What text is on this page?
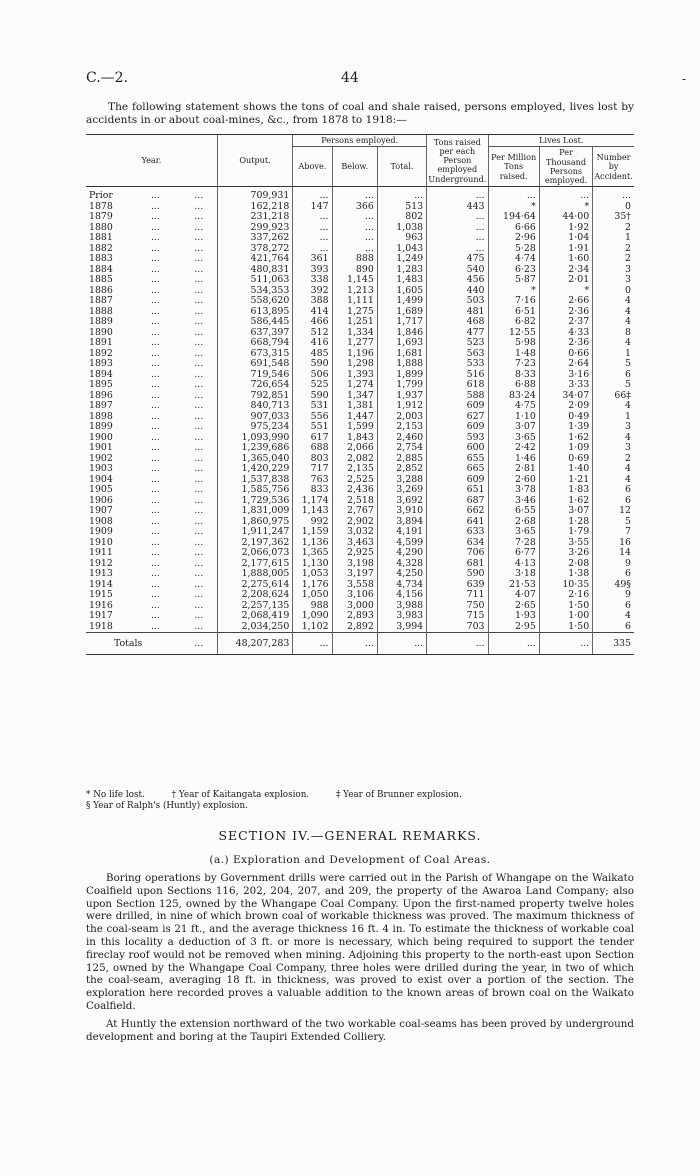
C.—2.	44	-
The following statement shows the tons of coal and shale raised, persons employed, lives lost by accidents in or about coal-mines, &c., from 1878 to 1918:—
Year.			Output.	Persons employed.			Tons raised per each Person employed Underground.	Lives Lost.		
				Above.	Below.	Total.		Per Million Tons raised.	Per Thousand Persons employed.	Number by Accident.
Prior	...	...	709,931	...	...	...	...	...	...	...
1878	...	...	162,218	147	366	513	443	*	*	0
1879	...	...	231,218	...	...	802	...	194·64	44·00	35†
1880	...	...	299,923	...	...	1,038	...	6·66	1·92	2
1881	...	...	337,262	...	...	963	...	2·96	1·04	1
1882	...	...	378,272	...	...	1,043	...	5·28	1·91	2
1883	...	...	421,764	361	888	1,249	475	4·74	1·60	2
1884	...	...	480,831	393	890	1,283	540	6·23	2·34	3
1885	...	...	511,063	338	1,145	1,483	456	5·87	2·01	3
1886	...	...	534,353	392	1,213	1,605	440	*	*	0
1887	...	...	558,620	388	1,111	1,499	503	7·16	2·66	4
1888	...	...	613,895	414	1,275	1,689	481	6·51	2·36	4
1889	...	...	586,445	466	1,251	1,717	468	6·82	2·37	4
1890	...	...	637,397	512	1,334	1,846	477	12·55	4·33	8
1891	...	...	668,794	416	1,277	1,693	523	5·98	2·36	4
1892	...	...	673,315	485	1,196	1,681	563	1·48	0·66	1
1893	...	...	691,548	590	1,298	1,888	533	7·23	2·64	5
1894	...	...	719,546	506	1,393	1,899	516	8·33	3·16	6
1895	...	...	726,654	525	1,274	1,799	618	6·88	3·33	5
1896	...	...	792,851	590	1,347	1,937	588	83·24	34·07	66‡
1897	...	...	840,713	531	1,381	1,912	609	4·75	2·09	4
1898	...	...	907,033	556	1,447	2,003	627	1·10	0·49	1
1899	...	...	975,234	551	1,599	2,153	609	3·07	1·39	3
1900	...	...	1,093,990	617	1,843	2,460	593	3·65	1·62	4
1901	...	...	1,239,686	688	2,066	2,754	600	2·42	1·09	3
1902	...	...	1,365,040	803	2,082	2,885	655	1·46	0·69	2
1903	...	...	1,420,229	717	2,135	2,852	665	2·81	1·40	4
1904	...	...	1,537,838	763	2,525	3,288	609	2·60	1·21	4
1905	...	...	1,585,756	833	2,436	3,269	651	3·78	1·83	6
1906	...	...	1,729,536	1,174	2,518	3,692	687	3·46	1·62	6
1907	...	...	1,831,009	1,143	2,767	3,910	662	6·55	3·07	12
1908	...	...	1,860,975	992	2,902	3,894	641	2·68	1·28	5
1909	...	...	1,911,247	1,159	3,032	4,191	633	3·65	1·79	7
1910	...	...	2,197,362	1,136	3,463	4,599	634	7·28	3·55	16
1911	...	...	2,066,073	1,365	2,925	4,290	706	6·77	3·26	14
1912	...	...	2,177,615	1,130	3,198	4,328	681	4·13	2·08	9
1913	...	...	1,888,005	1,053	3,197	4,250	590	3·18	1·38	6
1914	...	...	2,275,614	1,176	3,558	4,734	639	21·53	10·35	49§
1915	...	...	2,208,624	1,050	3,106	4,156	711	4·07	2·16	9
1916	...	...	2,257,135	988	3,000	3,988	750	2·65	1·50	6
1917	...	...	2,068,419	1,090	2,893	3,983	715	1·93	1·00	4
1918	...	...	2,034,250	1,102	2,892	3,994	703	2·95	1·50	6
Totals		...	48,207,283	...	...	...	...	...	...	335
* No life lost.	† Year of Kaitangata explosion.	‡ Year of Brunner explosion. § Year of Ralph's (Huntly) explosion.
SECTION IV.—GENERAL REMARKS.
(a.) Exploration and Development of Coal Areas.
Boring operations by Government drills were carried out in the Parish of Whangape on the Waikato Coalfield upon Sections 116, 202, 204, 207, and 209, the property of the Awaroa Land Company; also upon Section 125, owned by the Whangape Coal Company. Upon the first-named property twelve holes were drilled, in nine of which brown coal of workable thickness was proved. The maximum thickness of the coal-seam is 21 ft., and the average thickness 16 ft. 4 in. To estimate the thickness of workable coal in this locality a deduction of 3 ft. or more is necessary, which being required to support the tender fireclay roof would not be removed when mining. Adjoining this property to the north-east upon Section 125, owned by the Whangape Coal Company, three holes were drilled during the year, in two of which the coal-seam, averaging 18 ft. in thickness, was proved to exist over a portion of the section. The exploration here recorded proves a valuable addition to the known areas of brown coal on the Waikato Coalfield.
At Huntly the extension northward of the two workable coal-seams has been proved by underground development and boring at the Taupiri Extended Colliery.
